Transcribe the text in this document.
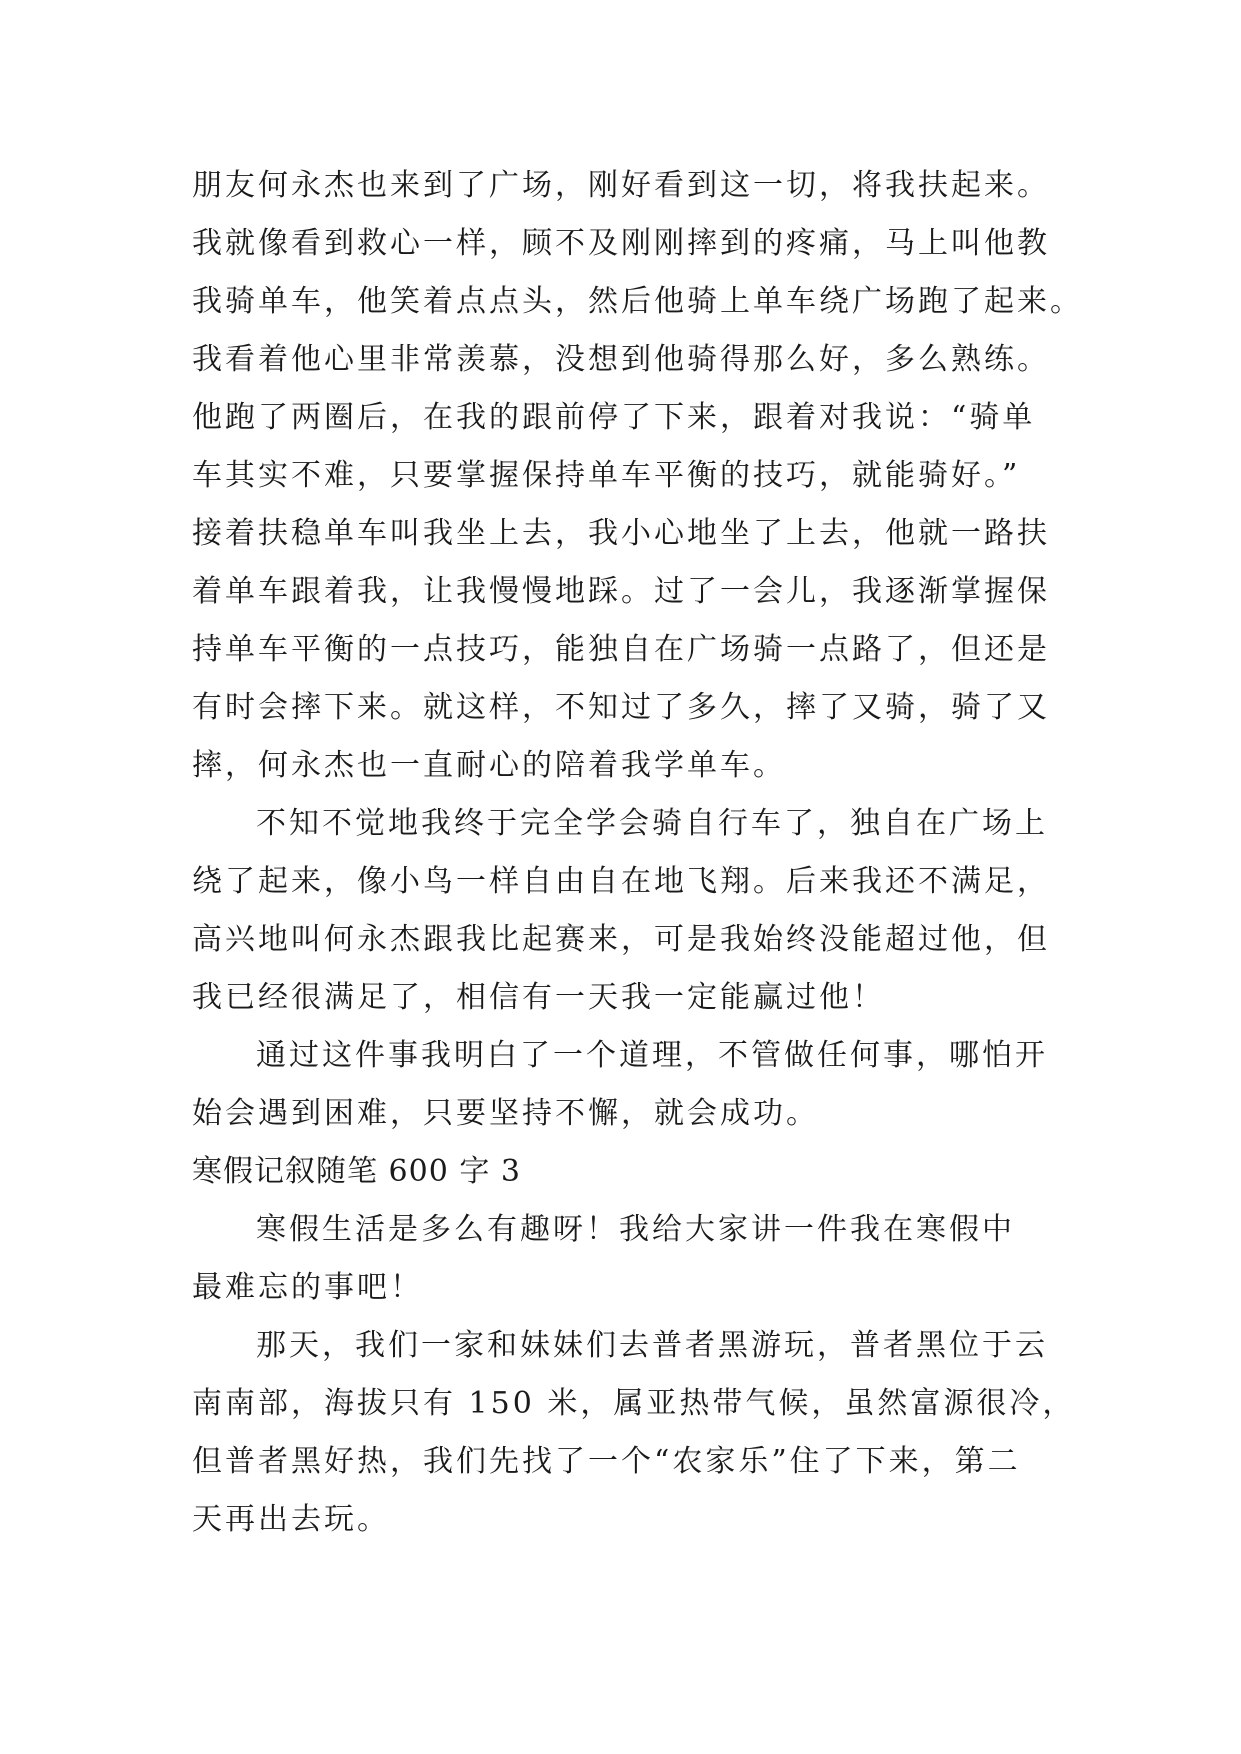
朋友何永杰也来到了广场，刚好看到这一切，将我扶起来。
我就像看到救心一样，顾不及刚刚摔到的疼痛，马上叫他教
我骑单车，他笑着点点头，然后他骑上单车绕广场跑了起来。
我看着他心里非常羡慕，没想到他骑得那么好，多么熟练。
他跑了两圈后，在我的跟前停了下来，跟着对我说：“骑单
车其实不难，只要掌握保持单车平衡的技巧，就能骑好。”
接着扶稳单车叫我坐上去，我小心地坐了上去，他就一路扶
着单车跟着我，让我慢慢地踩。过了一会儿，我逐渐掌握保
持单车平衡的一点技巧，能独自在广场骑一点路了，但还是
有时会摔下来。就这样，不知过了多久，摔了又骑，骑了又
摔，何永杰也一直耐心的陪着我学单车。
不知不觉地我终于完全学会骑自行车了，独自在广场上
绕了起来，像小鸟一样自由自在地飞翔。后来我还不满足，
高兴地叫何永杰跟我比起赛来，可是我始终没能超过他，但
我已经很满足了，相信有一天我一定能赢过他！
通过这件事我明白了一个道理，不管做任何事，哪怕开
始会遇到困难，只要坚持不懈，就会成功。
寒假记叙随笔 600 字 3
寒假生活是多么有趣呀！我给大家讲一件我在寒假中
最难忘的事吧！
那天，我们一家和妹妹们去普者黑游玩，普者黑位于云
南南部，海拔只有 150 米，属亚热带气候，虽然富源很冷，
但普者黑好热，我们先找了一个“农家乐”住了下来，第二
天再出去玩。
